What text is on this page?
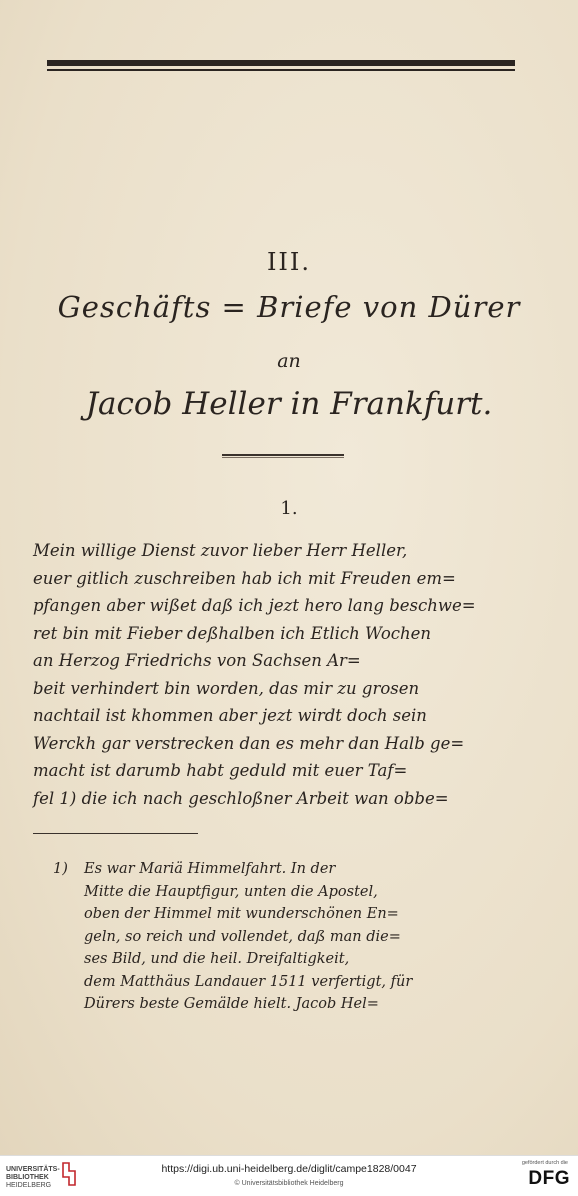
III.
Geschäfts = Briefe von Dürer
an
Jacob Heller in Frankfurt.
1.

Mein willige Dienst zuvor lieber Herr Heller,
euer gitlich zuschreiben hab ich mit Freuden em=
pfangen aber wißet daß ich jezt hero lang beschwe=
ret bin mit Fieber deßhalben ich Etlich Wochen
an Herzog Friedrichs von Sachsen Ar=
beit verhindert bin worden, das mir zu grosen
nachtail ist khommen aber jezt wirdt doch sein
Werckh gar verstrecken dan es mehr dan Halb ge=
macht ist darumb habt geduld mit euer Taf=
fel 1) die ich nach geschloßner Arbeit wan obbe=

1) Es war Mariä Himmelfahrt. In der
Mitte die Hauptfigur, unten die Apostel,
oben der Himmel mit wunderschönen En=
geln, so reich und vollendet, daß man die=
ses Bild, und die heil. Dreifaltigkeit,
dem Matthäus Landauer 1511 verfertigt, für
Dürers beste Gemälde hielt. Jacob Hel=

UNIVERSITÄTS-
BIBLIOTHEK
HEIDELBERG
https://digi.ub.uni-heidelberg.de/diglit/campe1828/0047
© Universitätsbibliothek Heidelberg
gefördert durch die
DFG
